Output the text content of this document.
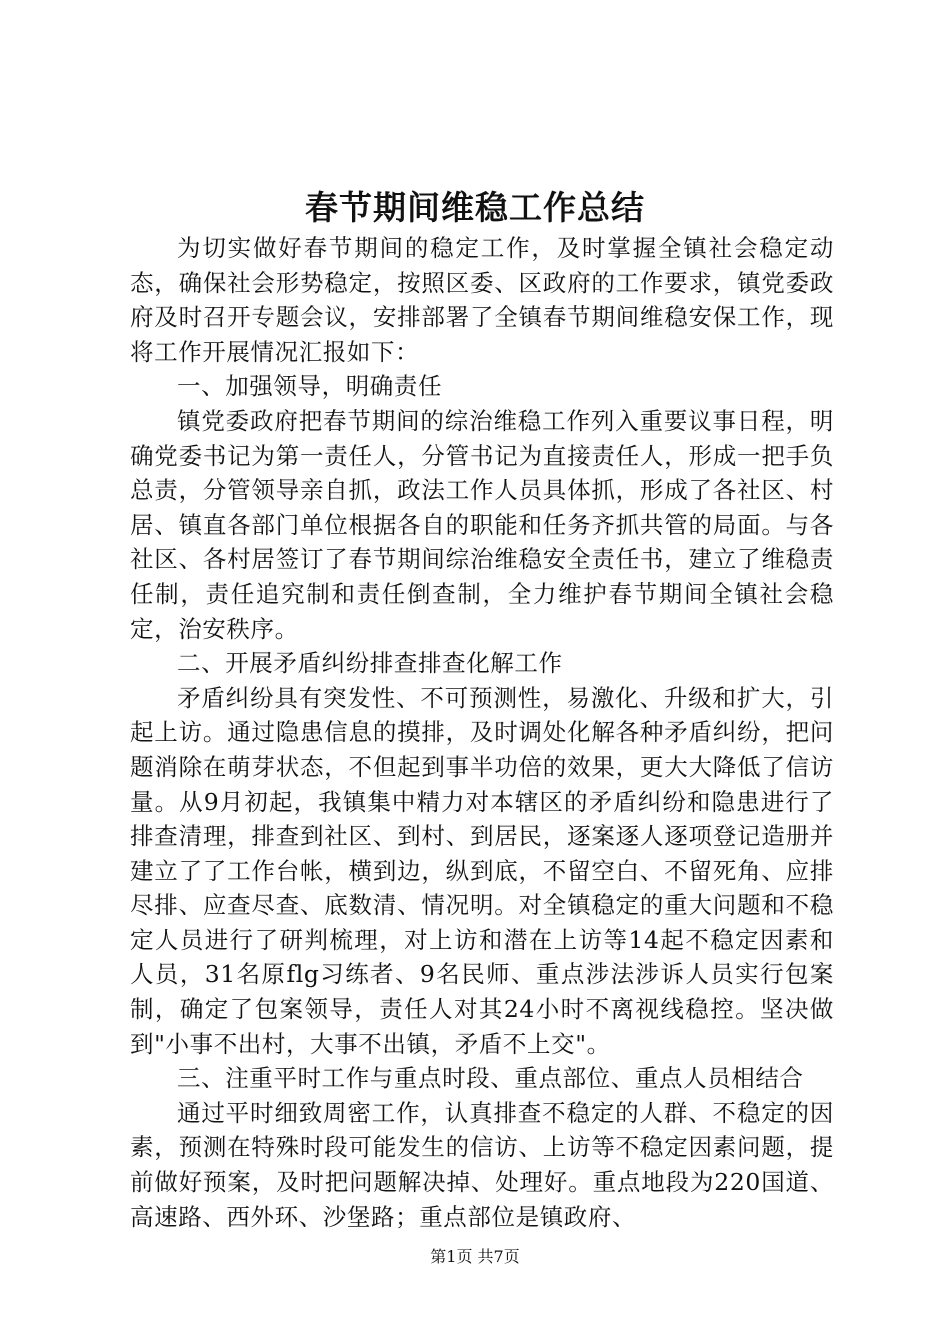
春节期间维稳工作总结

为切实做好春节期间的稳定工作，及时掌握全镇社会稳定动态，确保社会形势稳定，按照区委、区政府的工作要求，镇党委政府及时召开专题会议，安排部署了全镇春节期间维稳安保工作，现将工作开展情况汇报如下：

一、加强领导，明确责任

镇党委政府把春节期间的综治维稳工作列入重要议事日程，明确党委书记为第一责任人，分管书记为直接责任人，形成一把手负总责，分管领导亲自抓，政法工作人员具体抓，形成了各社区、村居、镇直各部门单位根据各自的职能和任务齐抓共管的局面。与各社区、各村居签订了春节期间综治维稳安全责任书，建立了维稳责任制，责任追究制和责任倒查制，全力维护春节期间全镇社会稳定，治安秩序。

二、开展矛盾纠纷排查排查化解工作

矛盾纠纷具有突发性、不可预测性，易激化、升级和扩大，引起上访。通过隐患信息的摸排，及时调处化解各种矛盾纠纷，把问题消除在萌芽状态，不但起到事半功倍的效果，更大大降低了信访量。从9月初起，我镇集中精力对本辖区的矛盾纠纷和隐患进行了排查清理，排查到社区、到村、到居民，逐案逐人逐项登记造册并建立了了工作台帐，横到边，纵到底，不留空白、不留死角、应排尽排、应查尽查、底数清、情况明。对全镇稳定的重大问题和不稳定人员进行了研判梳理，对上访和潜在上访等14起不稳定因素和人员，31名原flg习练者、9名民师、重点涉法涉诉人员实行包案制，确定了包案领导，责任人对其24小时不离视线稳控。坚决做到"小事不出村，大事不出镇，矛盾不上交"。

三、注重平时工作与重点时段、重点部位、重点人员相结合

通过平时细致周密工作，认真排查不稳定的人群、不稳定的因素，预测在特殊时段可能发生的信访、上访等不稳定因素问题，提前做好预案，及时把问题解决掉、处理好。重点地段为220国道、高速路、西外环、沙堡路；重点部位是镇政府、

第1页 共7页
